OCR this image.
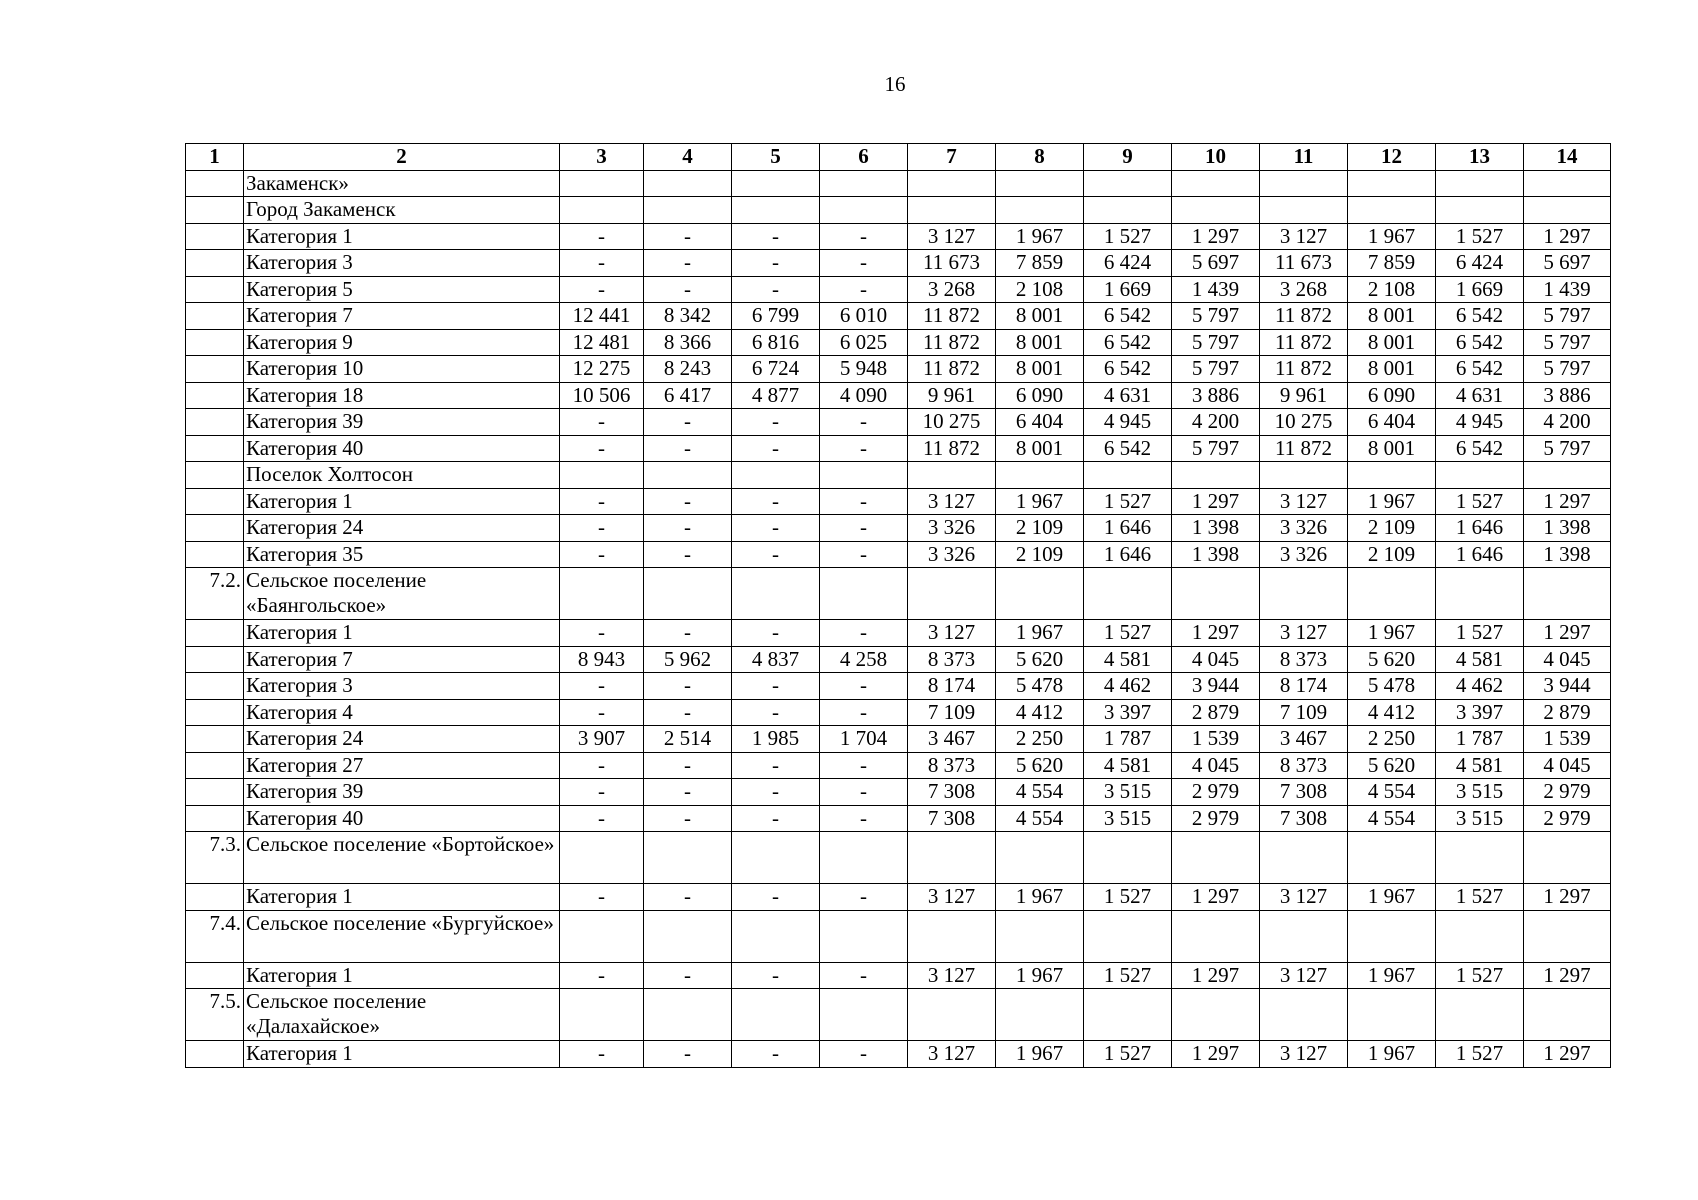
16
1	2	3	4	5	6	7	8	9	10	11	12	13	14
	Закаменск»												
	Город Закаменск												
	Категория 1	-	-	-	-	3 127	1 967	1 527	1 297	3 127	1 967	1 527	1 297
	Категория 3	-	-	-	-	11 673	7 859	6 424	5 697	11 673	7 859	6 424	5 697
	Категория 5	-	-	-	-	3 268	2 108	1 669	1 439	3 268	2 108	1 669	1 439
	Категория 7	12 441	8 342	6 799	6 010	11 872	8 001	6 542	5 797	11 872	8 001	6 542	5 797
	Категория 9	12 481	8 366	6 816	6 025	11 872	8 001	6 542	5 797	11 872	8 001	6 542	5 797
	Категория 10	12 275	8 243	6 724	5 948	11 872	8 001	6 542	5 797	11 872	8 001	6 542	5 797
	Категория 18	10 506	6 417	4 877	4 090	9 961	6 090	4 631	3 886	9 961	6 090	4 631	3 886
	Категория 39	-	-	-	-	10 275	6 404	4 945	4 200	10 275	6 404	4 945	4 200
	Категория 40	-	-	-	-	11 872	8 001	6 542	5 797	11 872	8 001	6 542	5 797
	Поселок Холтосон												
	Категория 1	-	-	-	-	3 127	1 967	1 527	1 297	3 127	1 967	1 527	1 297
	Категория 24	-	-	-	-	3 326	2 109	1 646	1 398	3 326	2 109	1 646	1 398
	Категория 35	-	-	-	-	3 326	2 109	1 646	1 398	3 326	2 109	1 646	1 398
7.2.	Сельское поселение «Баянгольское»												
	Категория 1	-	-	-	-	3 127	1 967	1 527	1 297	3 127	1 967	1 527	1 297
	Категория 7	8 943	5 962	4 837	4 258	8 373	5 620	4 581	4 045	8 373	5 620	4 581	4 045
	Категория 3	-	-	-	-	8 174	5 478	4 462	3 944	8 174	5 478	4 462	3 944
	Категория 4	-	-	-	-	7 109	4 412	3 397	2 879	7 109	4 412	3 397	2 879
	Категория 24	3 907	2 514	1 985	1 704	3 467	2 250	1 787	1 539	3 467	2 250	1 787	1 539
	Категория 27	-	-	-	-	8 373	5 620	4 581	4 045	8 373	5 620	4 581	4 045
	Категория 39	-	-	-	-	7 308	4 554	3 515	2 979	7 308	4 554	3 515	2 979
	Категория 40	-	-	-	-	7 308	4 554	3 515	2 979	7 308	4 554	3 515	2 979
7.3.	Сельское поселение «Бортойское»												
	Категория 1	-	-	-	-	3 127	1 967	1 527	1 297	3 127	1 967	1 527	1 297
7.4.	Сельское поселение «Бургуйское»												
	Категория 1	-	-	-	-	3 127	1 967	1 527	1 297	3 127	1 967	1 527	1 297
7.5.	Сельское поселение «Далахайское»												
	Категория 1	-	-	-	-	3 127	1 967	1 527	1 297	3 127	1 967	1 527	1 297
